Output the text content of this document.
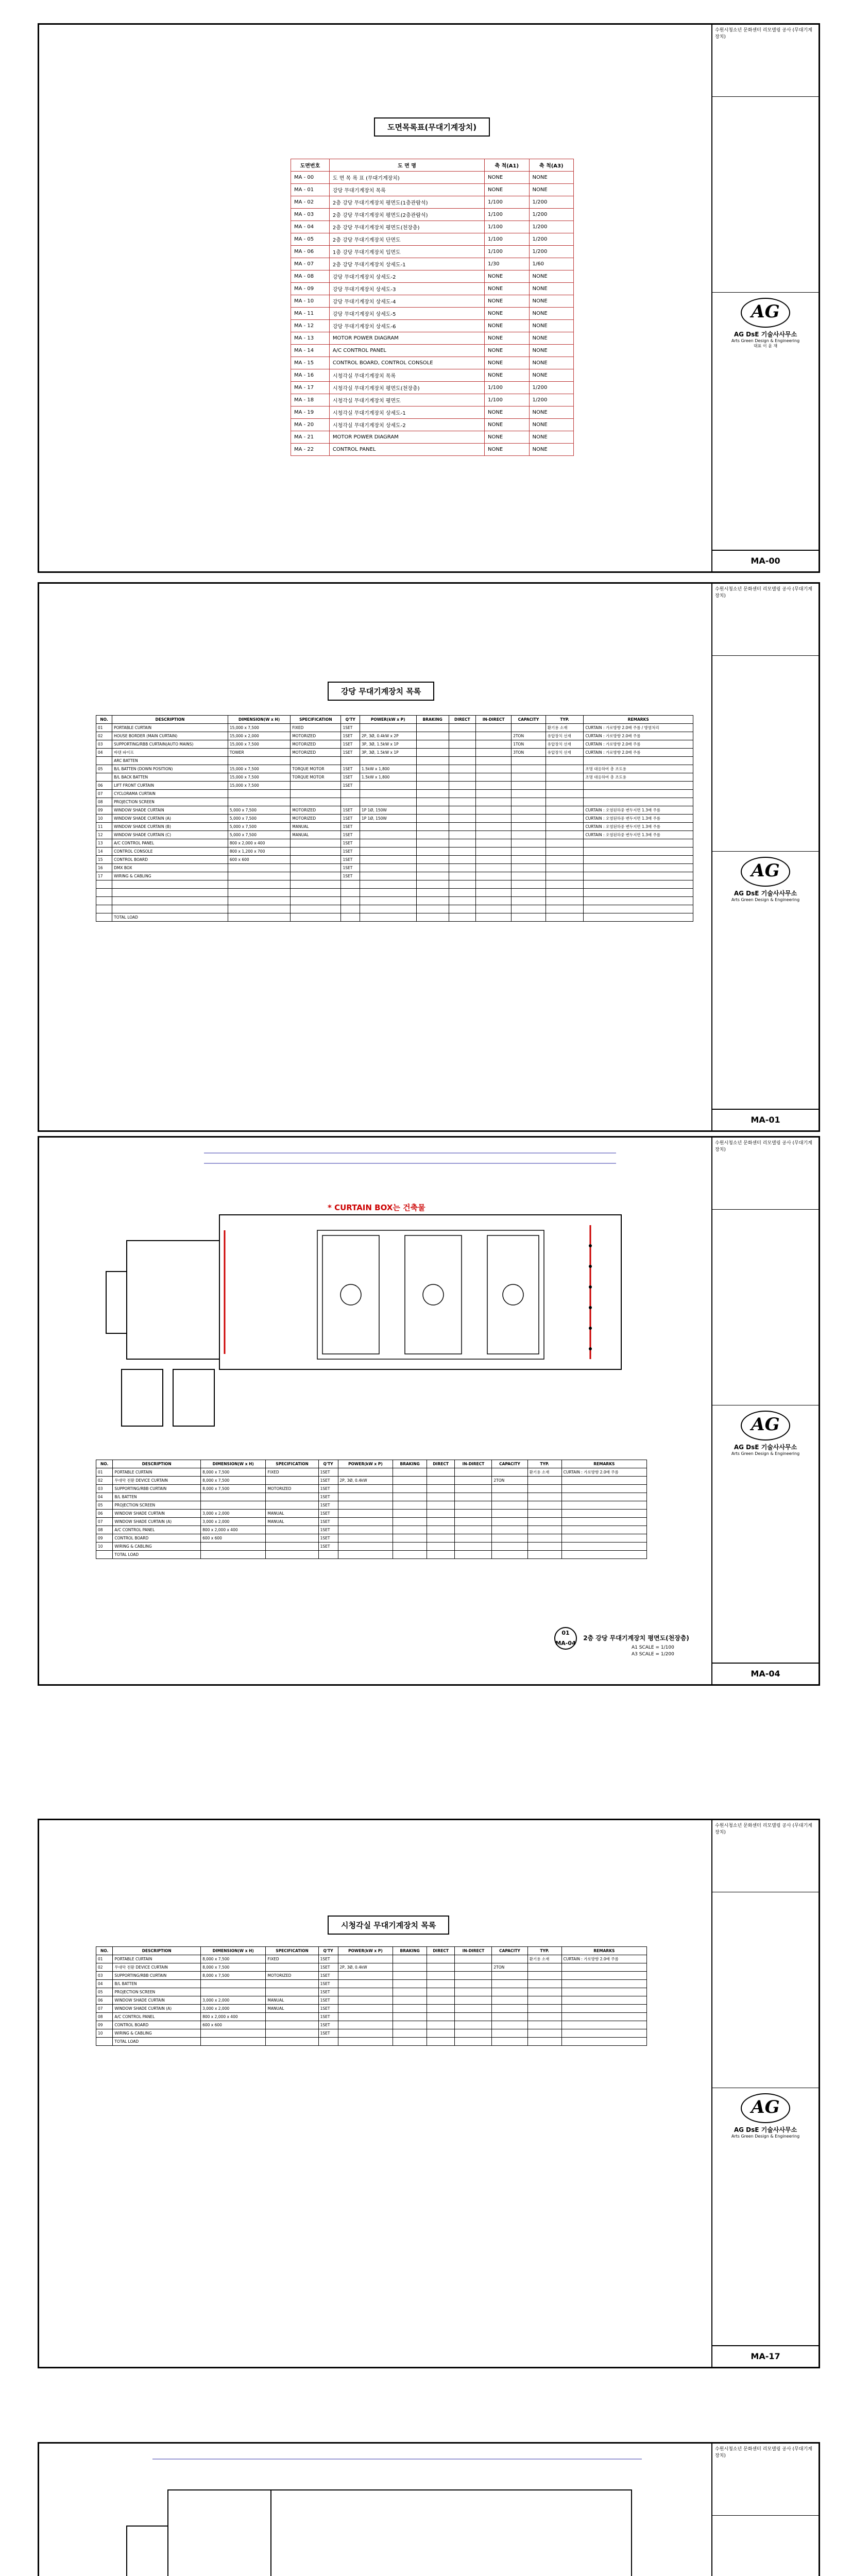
도면목록표(무대기계장치)
도면번호	도 면 명	축 척(A1)	축 척(A3)
MA - 00	도 면 목 록 표 (무대기계장치)	NONE	NONE
MA - 01	강당 무대기계장치 목록	NONE	NONE
MA - 02	2층 강당 무대기계장치 평면도(1층관람석)	1/100	1/200
MA - 03	2층 강당 무대기계장치 평면도(2층관람석)	1/100	1/200
MA - 04	2층 강당 무대기계장치 평면도(천장층)	1/100	1/200
MA - 05	2층 강당 무대기계장치 단면도	1/100	1/200
MA - 06	1층 강당 무대기계장치 입면도	1/100	1/200
MA - 07	2층 강당 무대기계장치 상세도-1	1/30	1/60
MA - 08	강당 무대기계장치 상세도-2	NONE	NONE
MA - 09	강당 무대기계장치 상세도-3	NONE	NONE
MA - 10	강당 무대기계장치 상세도-4	NONE	NONE
MA - 11	강당 무대기계장치 상세도-5	NONE	NONE
MA - 12	강당 무대기계장치 상세도-6	NONE	NONE
MA - 13	MOTOR POWER DIAGRAM	NONE	NONE
MA - 14	A/C CONTROL PANEL	NONE	NONE
MA - 15	CONTROL BOARD, CONTROL CONSOLE	NONE	NONE
MA - 16	시청각실 무대기계장치 목록	NONE	NONE
MA - 17	시청각실 무대기계장치 평면도(천장층)	1/100	1/200
MA - 18	시청각실 무대기계장치 평면도	1/100	1/200
MA - 19	시청각실 무대기계장치 상세도-1	NONE	NONE
MA - 20	시청각실 무대기계장치 상세도-2	NONE	NONE
MA - 21	MOTOR POWER DIAGRAM	NONE	NONE
MA - 22	CONTROL PANEL	NONE	NONE
수원시청소년 문화센터 리모델링 공사 (무대기계장치)
AG
AG DsE 기술사사무소
Arts Green Design & Engineering
대표 이 윤 재
MA-00
강당 무대기계장치 목록
NO.	DESCRIPTION	DIMENSION(W x H)	SPECIFICATION	Q'TY	POWER(kW x P)	BRAKING	DIRECT	IN-DIRECT	CAPACITY	TYP.	REMARKS
01	PORTABLE CURTAIN	15,000 x 7,500	FIXED	1SET						환기용 소재	CURTAIN : 가로방향 2.0배 주름 / 방염처리
02	HOUSE BORDER (MAIN CURTAIN)	15,000 x 2,000	MOTORIZED	1SET	2P, 3Ø, 0.4kW x 2P				2TON	유압장치 선재	CURTAIN : 가로방향 2.0배 주름
03	SUPPORTING/RBB CURTAIN(AUTO MAINS)	15,000 x 7,500	MOTORIZED	1SET	3P, 3Ø, 1.5kW x 1P				1TON	유압장치 선재	CURTAIN : 가로방향 2.0배 주름
04	바텐 파이프	TOWER	MOTORIZED	1SET	3P, 3Ø, 1.5kW x 1P				3TON	유압장치 선재	CURTAIN : 가로방향 2.0배 주름
	ARC BATTEN										
05	B/L BATTEN (DOWN POSITION)	15,000 x 7,500	TORQUE MOTOR	1SET	1.5kW x 1,800						조명 대응하여 총 조도용
	B/L BACK BATTEN	15,000 x 7,500	TORQUE MOTOR	1SET	1.5kW x 1,800						조명 대응하여 총 조도용
06	LIFT FRONT CURTAIN	15,000 x 7,500		1SET							
07	CYCLORAMA CURTAIN										
08	PROJECTION SCREEN										
09	WINDOW SHADE CURTAIN	5,000 x 7,500	MOTORIZED	1SET	1P 1Ø, 150W						CURTAIN : 오염된하중 변두지면 1.3배 주름
10	WINDOW SHADE CURTAIN (A)	5,000 x 7,500	MOTORIZED	1SET	1P 1Ø, 150W						CURTAIN : 오염된하중 변두지면 1.3배 주름
11	WINDOW SHADE CURTAIN (B)	5,000 x 7,500	MANUAL	1SET							CURTAIN : 오염된하중 변두지면 1.3배 주름
12	WINDOW SHADE CURTAIN (C)	5,000 x 7,500	MANUAL	1SET							CURTAIN : 오염된하중 변두지면 1.3배 주름
13	A/C CONTROL PANEL	800 x 2,000 x 400		1SET							
14	CONTROL CONSOLE	800 x 1,200 x 700		1SET							
15	CONTROL BOARD	600 x 600		1SET							
16	DMX BOX			1SET							
17	WIRING & CABLING			1SET							

	TOTAL LOAD										
수원시청소년 문화센터 리모델링 공사 (무대기계장치)
AG
AG DsE 기술사사무소
Arts Green Design & Engineering
MA-01
* CURTAIN BOX는 건축물
NO.	DESCRIPTION	DIMENSION(W x H)	SPECIFICATION	Q'TY	POWER(kW x P)	BRAKING	DIRECT	IN-DIRECT	CAPACITY	TYP.	REMARKS
01	PORTABLE CURTAIN	8,000 x 7,500	FIXED	1SET						환기용 소재	CURTAIN : 가로방향 2.0배 주름
02	무대막 전환 DEVICE CURTAIN	8,000 x 7,500		1SET	2P, 3Ø, 0.4kW				2TON		
03	SUPPORTING/RBB CURTAIN	8,000 x 7,500	MOTORIZED	1SET							
04	B/L BATTEN			1SET							
05	PROJECTION SCREEN			1SET							
06	WINDOW SHADE CURTAIN	3,000 x 2,000	MANUAL	1SET							
07	WINDOW SHADE CURTAIN (A)	3,000 x 2,000	MANUAL	1SET							
08	A/C CONTROL PANEL	800 x 2,000 x 400		1SET							
09	CONTROL BOARD	600 x 600		1SET							
10	WIRING & CABLING			1SET							
	TOTAL LOAD										
01
MA-04 2층 강당 무대기계장치 평면도(천장층)
A1 SCALE = 1/100
A3 SCALE = 1/200
수원시청소년 문화센터 리모델링 공사 (무대기계장치)
AG
AG DsE 기술사사무소
Arts Green Design & Engineering
MA-04
시청각실 무대기계장치 목록
NO.	DESCRIPTION	DIMENSION(W x H)	SPECIFICATION	Q'TY	POWER(kW x P)	BRAKING	DIRECT	IN-DIRECT	CAPACITY	TYP.	REMARKS
01	PORTABLE CURTAIN	8,000 x 7,500	FIXED	1SET						환기용 소재	CURTAIN : 가로방향 2.0배 주름
02	무대막 전환 DEVICE CURTAIN	8,000 x 7,500		1SET	2P, 3Ø, 0.4kW				2TON		
03	SUPPORTING/RBB CURTAIN	8,000 x 7,500	MOTORIZED	1SET							
04	B/L BATTEN			1SET							
05	PROJECTION SCREEN			1SET							
06	WINDOW SHADE CURTAIN	3,000 x 2,000	MANUAL	1SET							
07	WINDOW SHADE CURTAIN (A)	3,000 x 2,000	MANUAL	1SET							
08	A/C CONTROL PANEL	800 x 2,000 x 400		1SET							
09	CONTROL BOARD	600 x 600		1SET							
10	WIRING & CABLING			1SET							
	TOTAL LOAD										
수원시청소년 문화센터 리모델링 공사 (무대기계장치)
AG
AG DsE 기술사사무소
Arts Green Design & Engineering
MA-17

수원시청소년 문화센터 리모델링 공사 (무대기계장치)
